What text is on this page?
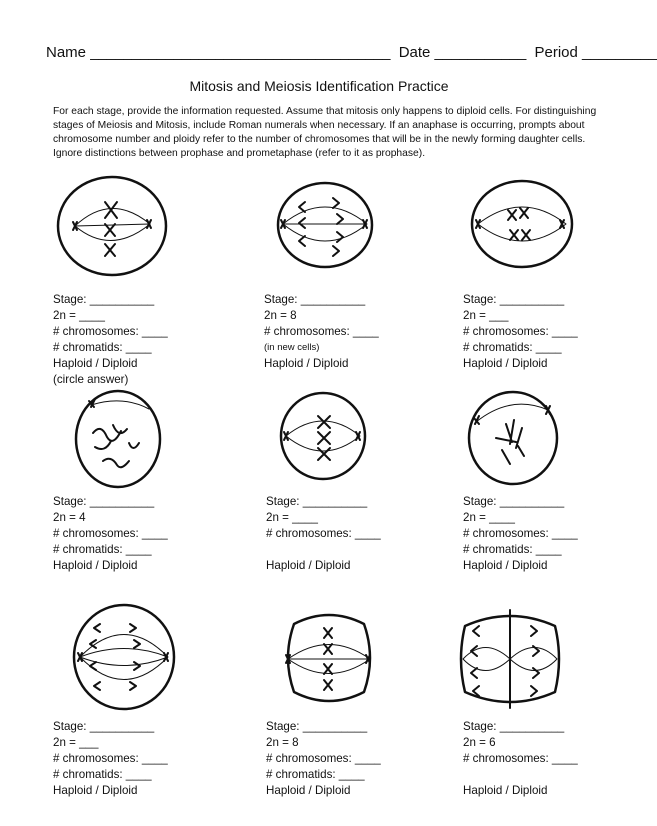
Name ____________________________________ Date ___________ Period _________
Mitosis and Meiosis Identification Practice
For each stage, provide the information requested. Assume that mitosis only happens to diploid cells. For distinguishing stages of Meiosis and Mitosis, include Roman numerals when necessary. If an anaphase is occurring, prompts about chromosome number and ploidy refer to the number of chromosomes that will be in the newly forming daughter cells. Ignore distinctions between prophase and prometaphase (refer to it as prophase).
Stage: __________
2n = ____
# chromosomes: ____
# chromatids: ____
Haploid / Diploid
(circle answer)
Stage: __________
2n = 8
# chromosomes: ____
(in new cells)
Haploid / Diploid
Stage: __________
2n = ___
# chromosomes: ____
# chromatids: ____
Haploid / Diploid
Stage: __________
2n = 4
# chromosomes: ____
# chromatids: ____
Haploid / Diploid
Stage: __________
2n = ____
# chromosomes: ____
Haploid / Diploid
Stage: __________
2n = ____
# chromosomes: ____
# chromatids: ____
Haploid / Diploid
Stage: __________
2n = ___
# chromosomes: ____
# chromatids: ____
Haploid / Diploid
Stage: __________
2n = 8
# chromosomes: ____
# chromatids: ____
Haploid / Diploid
Stage: __________
2n = 6
# chromosomes: ____
Haploid / Diploid
